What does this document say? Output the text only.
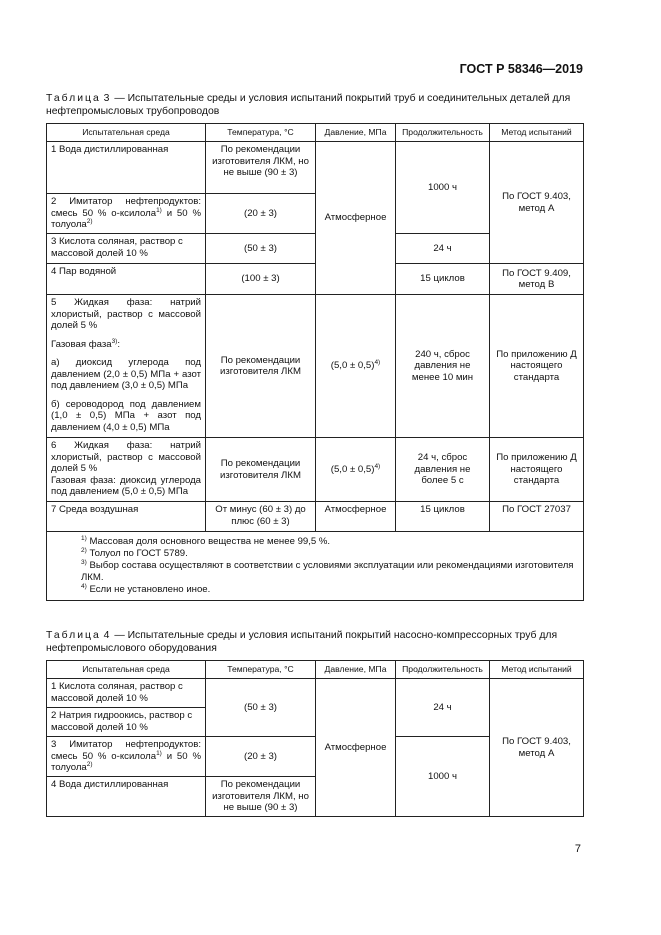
ГОСТ Р 58346—2019
Таблица 3 — Испытательные среды и условия испытаний покрытий труб и соединительных деталей для нефтепромысловых трубопроводов
Испытательная среда	Температура, °С	Давление, МПа	Продолжительность	Метод испытаний
1 Вода дистиллированная	По рекомендации изготовителя ЛКМ, но не выше (90 ± 3)	Атмосферное	1000 ч	По ГОСТ 9.403, метод А
2 Имитатор нефтепродуктов: смесь 50 % о-ксилола$^{1)}$ и 50 % толуола$^{2)}$	(20 ± 3)			
3 Кислота соляная, раствор с массовой долей 10 %	(50 ± 3)		24 ч	
4 Пар водяной	(100 ± 3)		15 циклов	По ГОСТ 9.409, метод В

5 Жидкая фаза: натрий хлористый, раствор с массовой долей 5 %
Газовая фаза$^{3)}$:
а) диоксид углерода под давлением (2,0 ± 0,5) МПа + азот под давлением (3,0 ± 0,5) МПа
б) сероводород под давлением (1,0 ± 0,5) МПа + азот под давлением (4,0 ± 0,5) МПа	По рекомендации изготовителя ЛКМ	$(5,0 \pm 0,5)^{4)}$	240 ч, сброс давления не менее 10 мин	По приложению Д настоящего стандарта

6 Жидкая фаза: натрий хлористый, раствор с массовой долей 5 %
Газовая фаза: диоксид углерода под давлением (5,0 ± 0,5) МПа	По рекомендации изготовителя ЛКМ	$(5,0 \pm 0,5)^{4)}$	24 ч, сброс давления не более 5 с	По приложению Д настоящего стандарта
7 Среда воздушная	От минус (60 ± 3) до плюс (60 ± 3)	Атмосферное	15 циклов	По ГОСТ 27037

$^{1)}$ Массовая доля основного вещества не менее 99,5 %.
$^{2)}$ Толуол по ГОСТ 5789.
$^{3)}$ Выбор состава осуществляют в соответствии с условиями эксплуатации или рекомендациями изготовителя ЛКМ.
$^{4)}$ Если не установлено иное.				
Таблица 4 — Испытательные среды и условия испытаний покрытий насосно-компрессорных труб для нефтепромыслового оборудования
Испытательная среда	Температура, °С	Давление, МПа	Продолжительность	Метод испытаний
1 Кислота соляная, раствор с массовой долей 10 %	(50 ± 3)	Атмосферное	24 ч	По ГОСТ 9.403, метод А
2 Натрия гидроокись, раствор с массовой долей 10 %				
3 Имитатор нефтепродуктов: смесь 50 % о-ксилола$^{1)}$ и 50 % толуола$^{2)}$	(20 ± 3)		1000 ч	
4 Вода дистиллированная	По рекомендации изготовителя ЛКМ, но не выше (90 ± 3)			
7
